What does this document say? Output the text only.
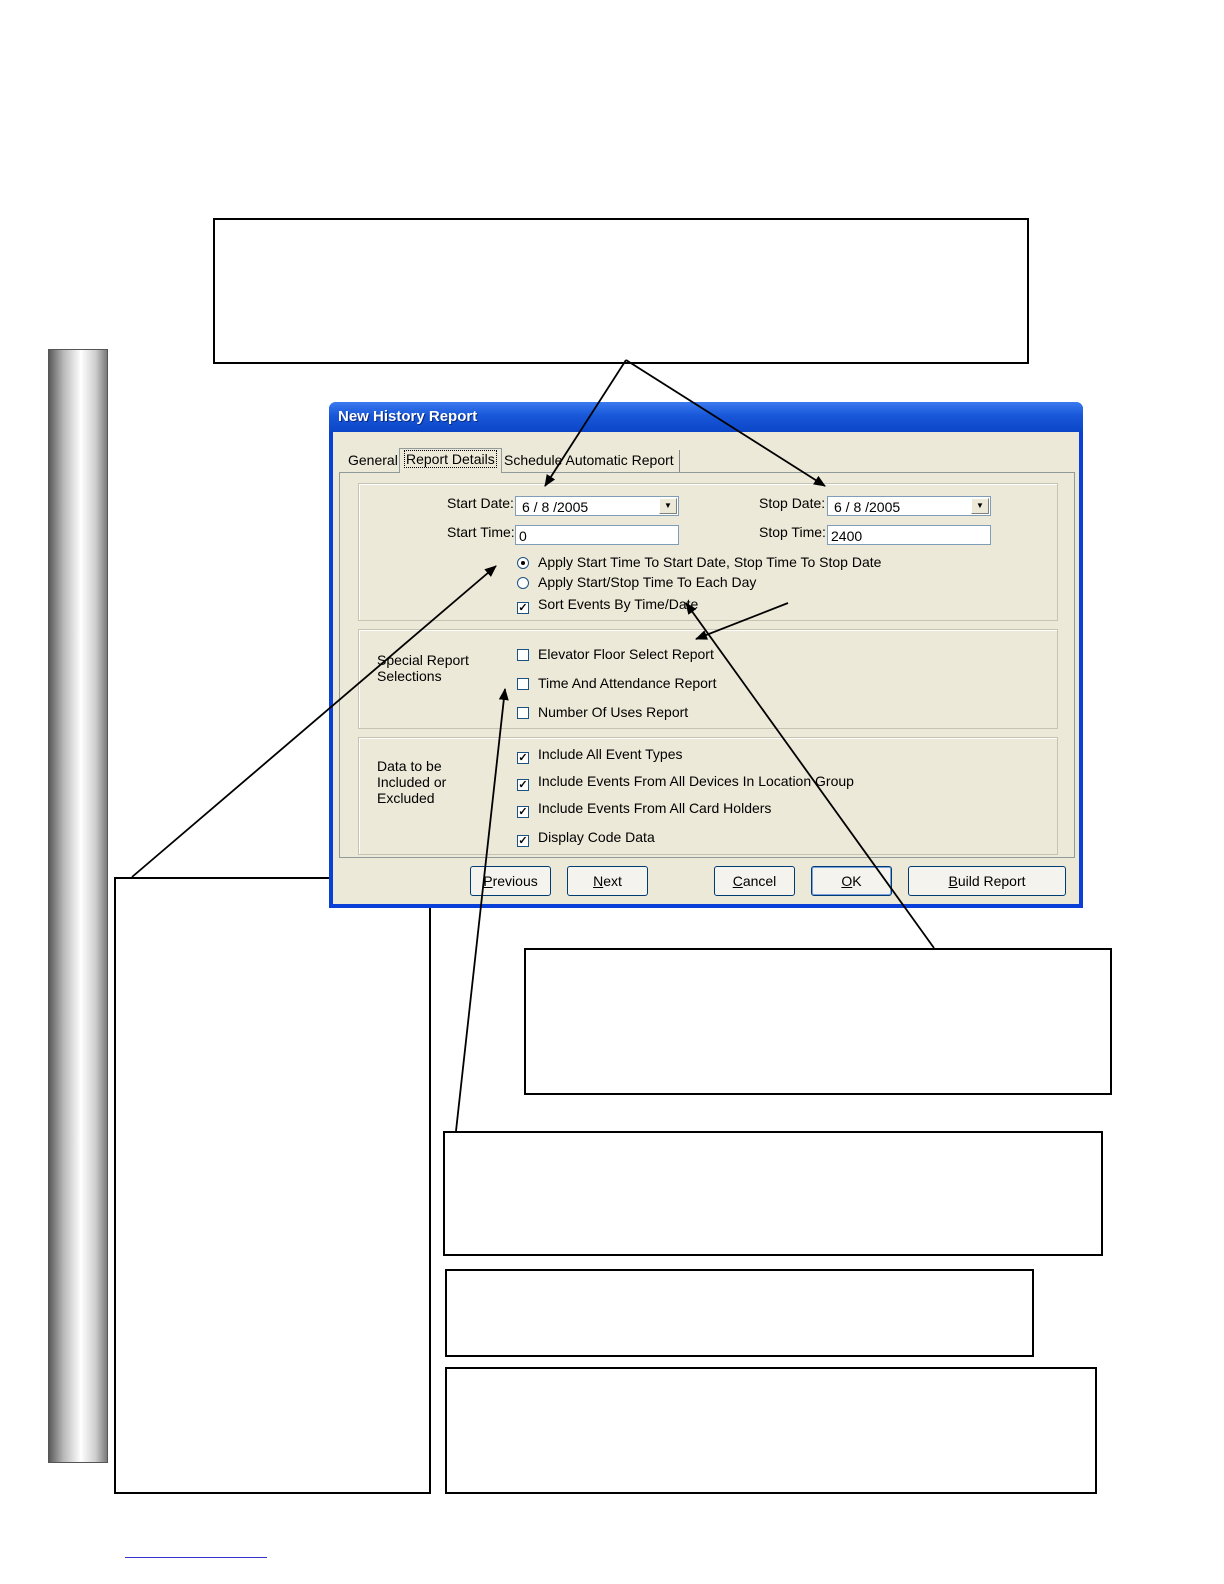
New History Report
General Report Details Schedule Automatic Report
Start Date: 6 / 8 /2005	▼
Start Time: 0
Stop Date: 6 / 8 /2005	▼
Stop Time: 2400
Apply Start Time To Start Date, Stop Time To Stop Date
Apply Start/Stop Time To Each Day
✓ Sort Events By Time/Date
Special Report
Selections
Elevator Floor Select Report
Time And Attendance Report
Number Of Uses Report
Data to be
Included or
Excluded
✓ Include All Event Types
✓ Include Events From All Devices In Location Group
✓ Include Events From All Card Holders
✓ Display Code Data
Previous	Next	Cancel	OK	Build Report
